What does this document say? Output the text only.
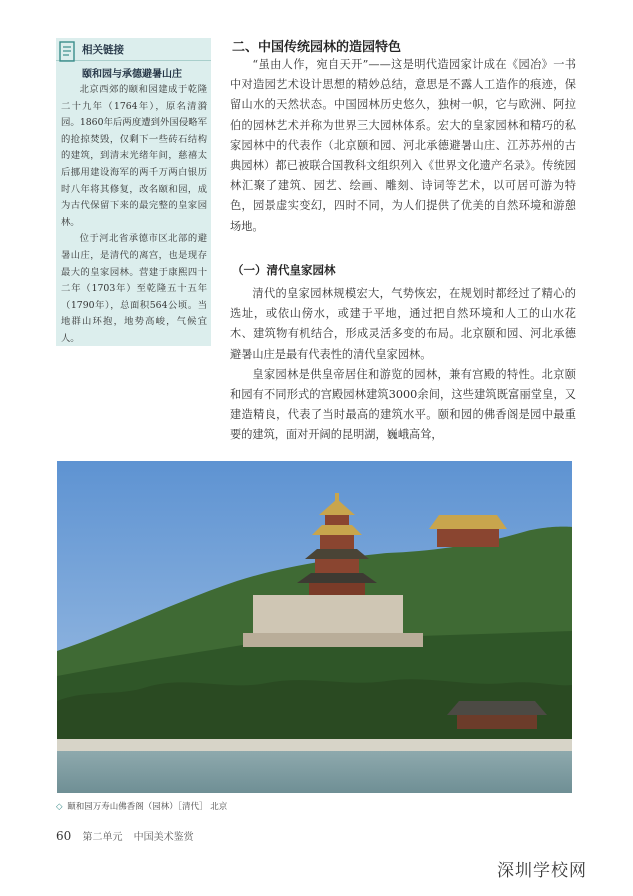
相关链接
颐和园与承德避暑山庄

北京西郊的颐和园建成于乾隆二十九年（1764年），原名清漪园。1860年后两度遭到外国侵略军的抢掠焚毁，仅剩下一些砖石结构的建筑，到清末光绪年间，慈禧太后挪用建设海军的两千万两白银历时八年将其修复，改名颐和园，成为古代保留下来的最完整的皇家园林。

位于河北省承德市区北部的避暑山庄，是清代的离宫，也是现存最大的皇家园林。营建于康熙四十二年（1703年）至乾隆五十五年（1790年），总面积564公顷。当地群山环抱，地势高峻，气候宜人。

二、中国传统园林的造园特色

“虽由人作，宛自天开”——这是明代造园家计成在《园冶》一书中对造园艺术设计思想的精妙总结，意思是不露人工造作的痕迹，保留山水的天然状态。中国园林历史悠久，独树一帜，它与欧洲、阿拉伯的园林艺术并称为世界三大园林体系。宏大的皇家园林和精巧的私家园林中的代表作（北京颐和园、河北承德避暑山庄、江苏苏州的古典园林）都已被联合国教科文组织列入《世界文化遗产名录》。传统园林汇聚了建筑、园艺、绘画、雕刻、诗词等艺术，以可居可游为特色，园景虚实变幻，四时不同，为人们提供了优美的自然环境和游憩场地。

（一）清代皇家园林

清代的皇家园林规模宏大，气势恢宏，在规划时都经过了精心的选址，或依山傍水，或建于平地，通过把自然环境和人工的山水花木、建筑物有机结合，形成灵活多变的布局。北京颐和园、河北承德避暑山庄是最有代表性的清代皇家园林。

皇家园林是供皇帝居住和游览的园林，兼有宫殿的特性。北京颐和园有不同形式的宫殿园林建筑3000余间，这些建筑既富丽堂皇，又建造精良，代表了当时最高的建筑水平。颐和园的佛香阁是园中最重要的建筑，面对开阔的昆明湖，巍峨高耸，

◇ 颐和园万寿山佛香阁（园林）［清代］ 北京
60 第二单元 中国美术鉴赏
深圳学校网
